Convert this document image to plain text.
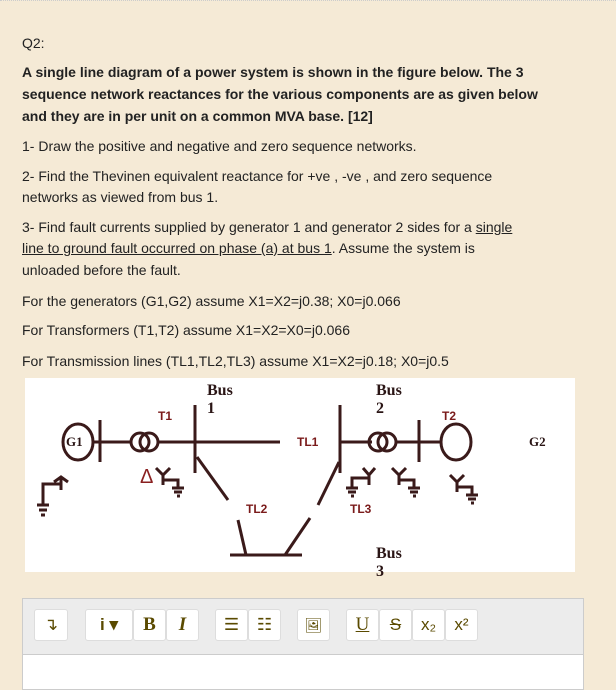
Q2:
A single line diagram of a power system is shown in the figure below. The 3
sequence network reactances for the various components are as given below
and they are in per unit on a common MVA base. [12]
1- Draw the positive and negative and zero sequence networks.
2- Find the Thevinen equivalent reactance for +ve , -ve , and zero sequence
networks as viewed from bus 1.
3- Find fault currents supplied by generator 1 and generator 2 sides for a single
line to ground fault occurred on phase (a) at bus 1. Assume the system is
unloaded before the fault.
For the generators (G1,G2) assume X1=X2=j0.38; X0=j0.066
For Transformers (T1,T2) assume X1=X2=X0=j0.066
For Transmission lines (TL1,TL2,TL3) assume X1=X2=j0.18; X0=j0.5
Bus 1
Bus 2
Bus 3
G1	G2
T1	T2
TL1
TL2	TL3
Δ
↴	i ▾	B	I	☰	☷	🖼	U	S	x₂	x²
